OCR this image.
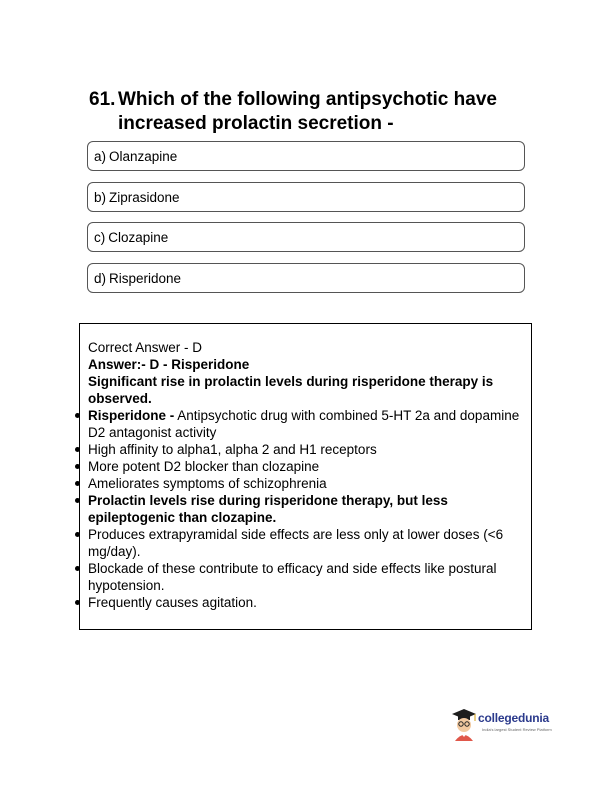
61. Which of the following antipsychotic have increased prolactin secretion -
a) Olanzapine
b) Ziprasidone
c) Clozapine
d) Risperidone
Correct Answer - D
Answer:- D - Risperidone
Significant rise in prolactin levels during risperidone therapy is observed.
Risperidone - Antipsychotic drug with combined 5-HT 2a and dopamine D2 antagonist activity
High affinity to alpha1, alpha 2 and H1 receptors
More potent D2 blocker than clozapine
Ameliorates symptoms of schizophrenia
Prolactin levels rise during risperidone therapy, but less epileptogenic than clozapine.
Produces extrapyramidal side effects are less only at lower doses (<6 mg/day).
Blockade of these contribute to efficacy and side effects like postural hypotension.
Frequently causes agitation.
collegedunia
India's largest Student Review Platform
